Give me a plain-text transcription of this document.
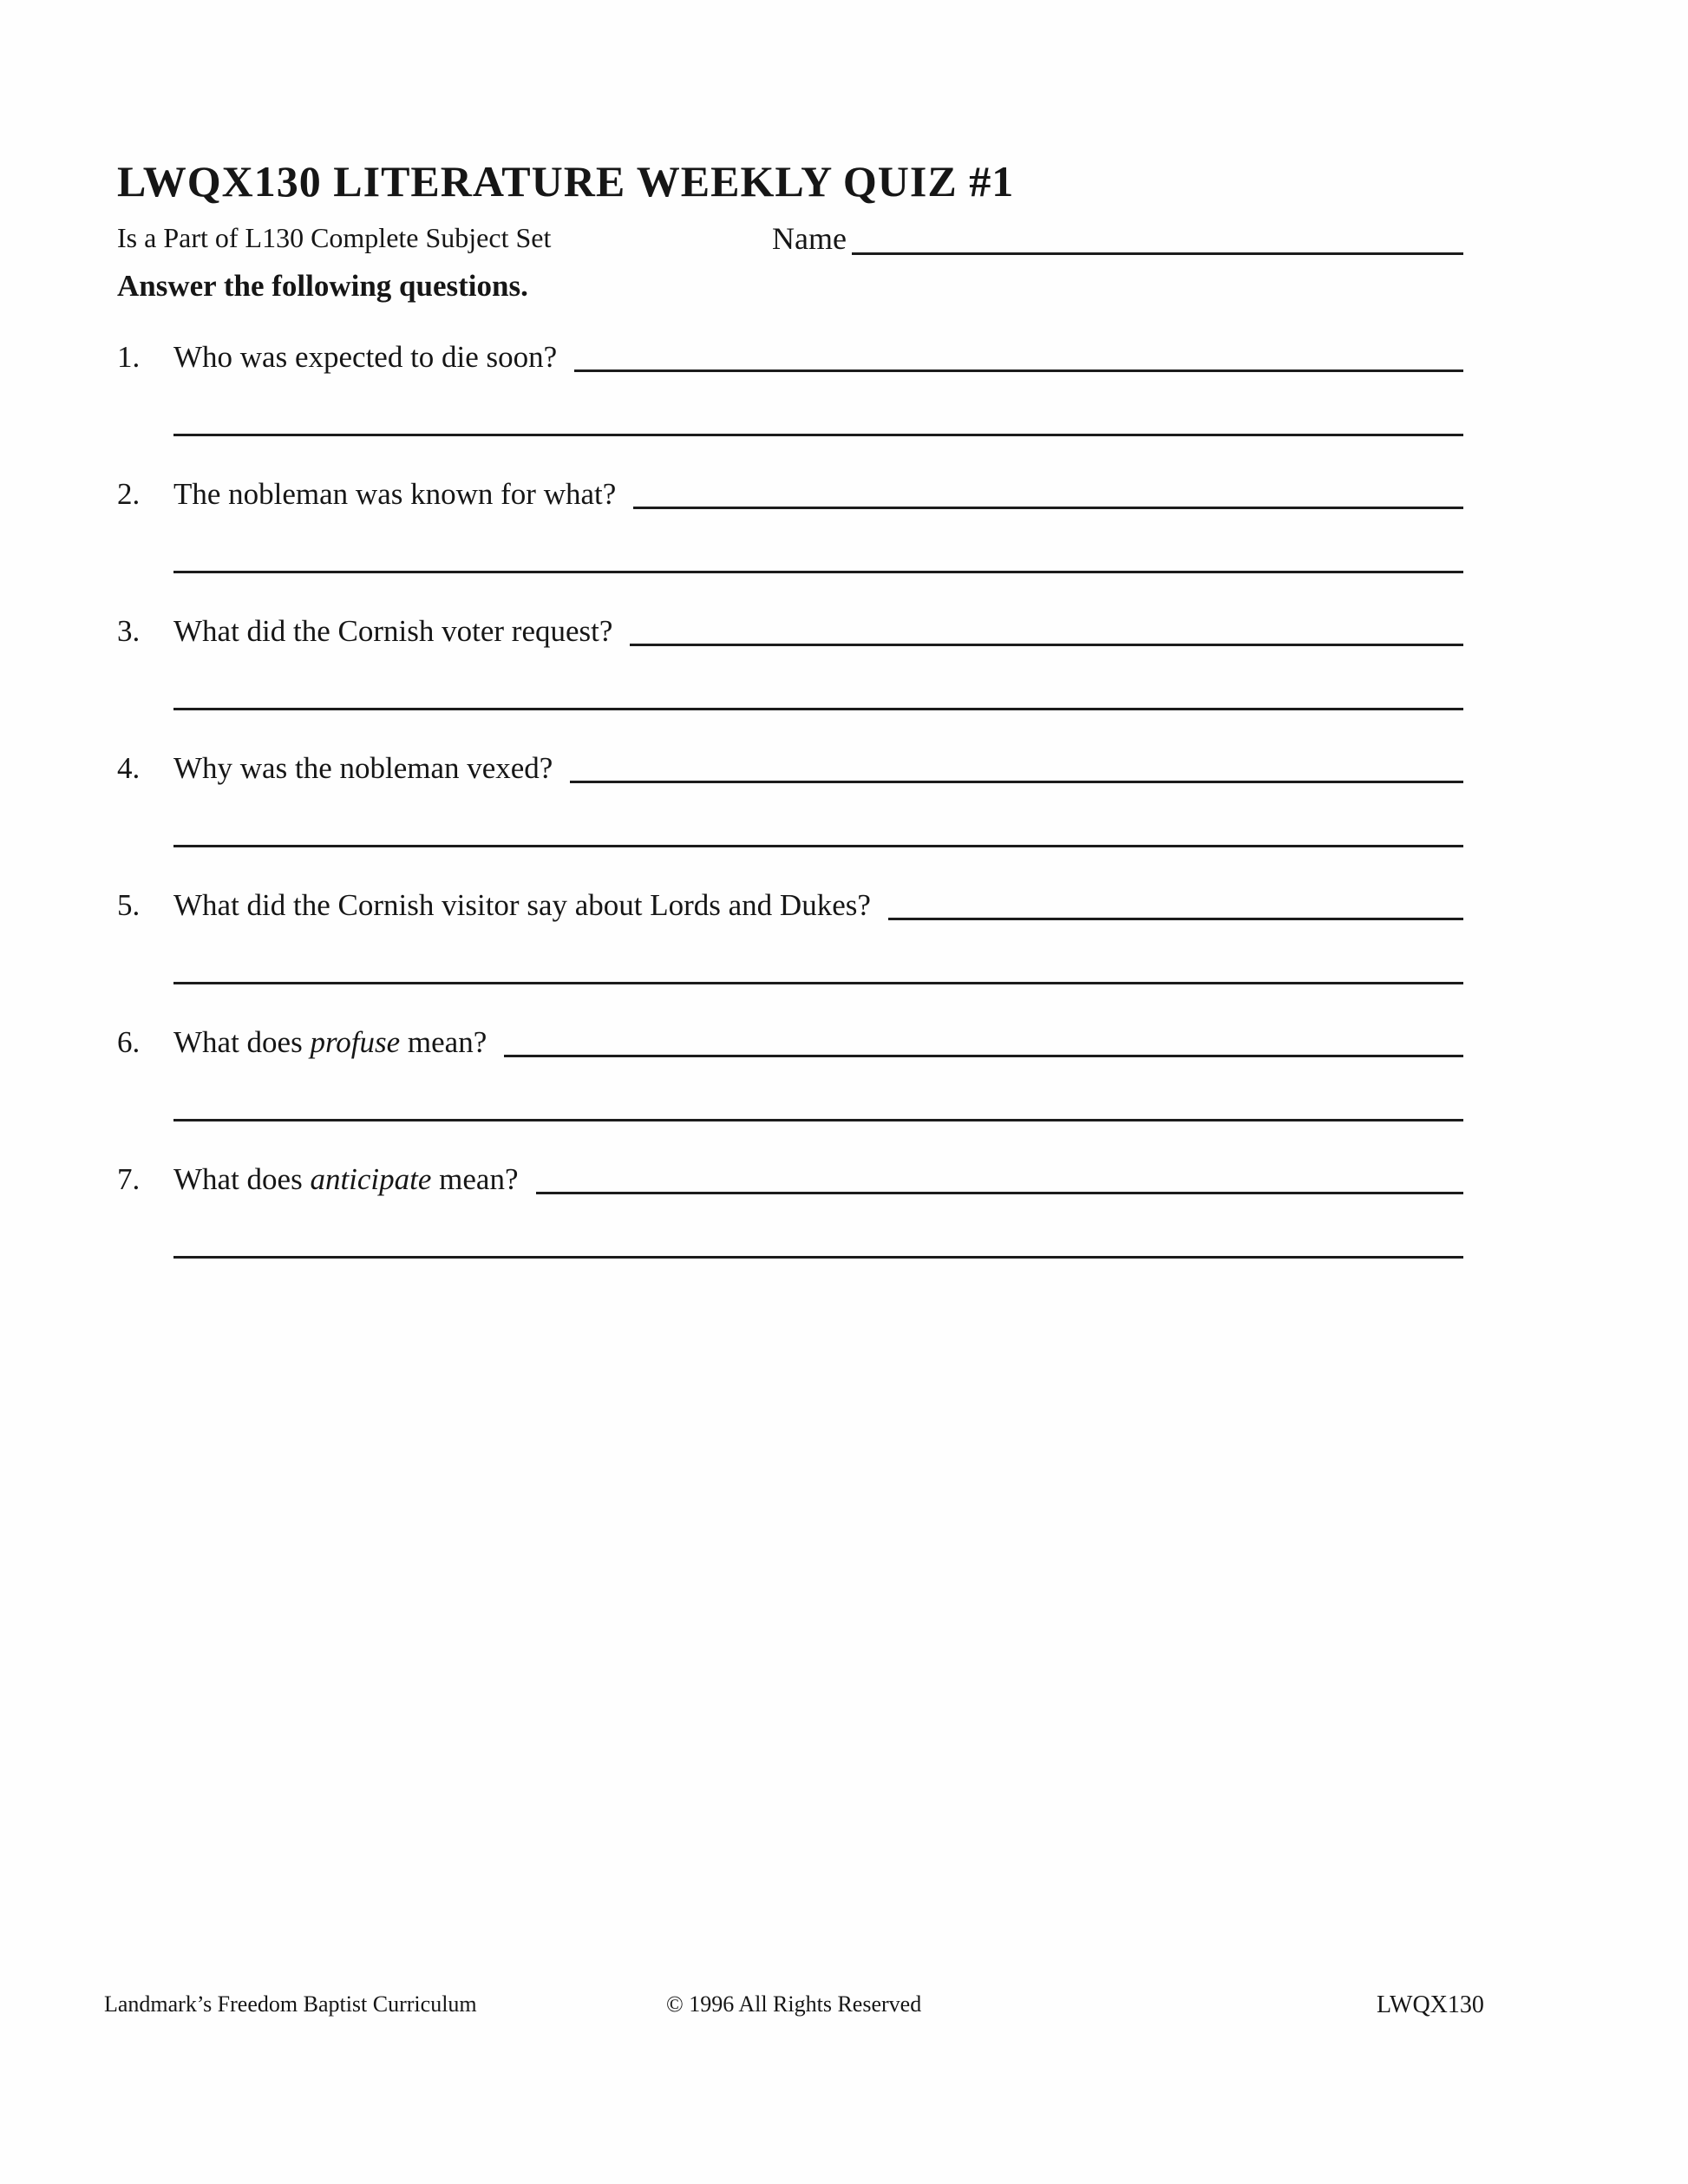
LWQX130 LITERATURE WEEKLY QUIZ #1
Is a Part of L130 Complete Subject Set	Name
Answer the following questions.
1.	Who was expected to die soon?
2.	The nobleman was known for what?
3.	What did the Cornish voter request?
4.	Why was the nobleman vexed?
5.	What did the Cornish visitor say about Lords and Dukes?
6.	What does profuse mean?
7.	What does anticipate mean?
Landmark’s Freedom Baptist Curriculum	© 1996 All Rights Reserved	LWQX130
